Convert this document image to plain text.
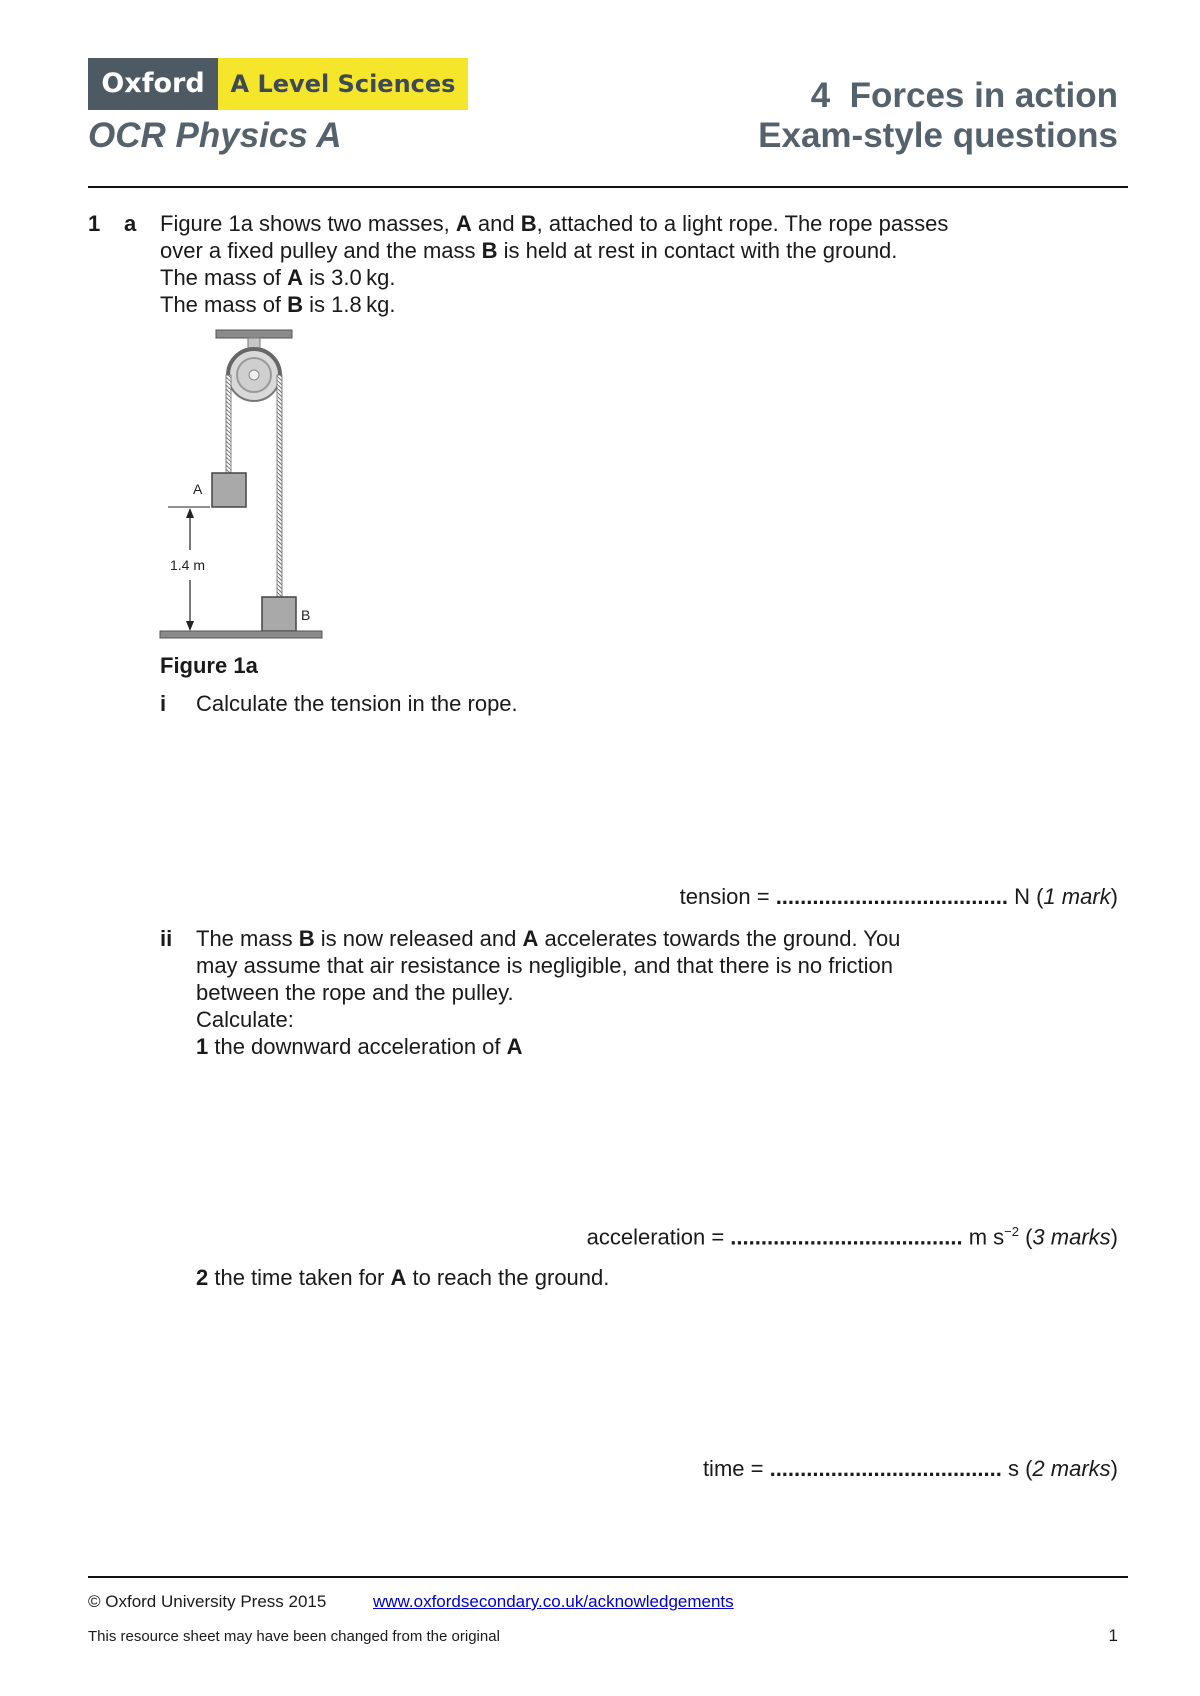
Oxford	A Level Sciences
OCR Physics A
4  Forces in action
Exam-style questions
1 a Figure 1a shows two masses, A and B, attached to a light rope. The rope passes
over a fixed pulley and the mass B is held at rest in contact with the ground.
The mass of A is 3.0 kg.
The mass of B is 1.8 kg.
A
B
1.4 m
Figure 1a
i Calculate the tension in the rope.
tension = ...................................... N (1 mark)
ii The mass B is now released and A accelerates towards the ground. You
may assume that air resistance is negligible, and that there is no friction
between the rope and the pulley.
Calculate:
1 the downward acceleration of A
acceleration = ...................................... m $s^{-2}$ (3 marks)
2 the time taken for A to reach the ground.
time = ...................................... s (2 marks)
© Oxford University Press 2015	www.oxfordsecondary.co.uk/acknowledgements
This resource sheet may have been changed from the original	1
